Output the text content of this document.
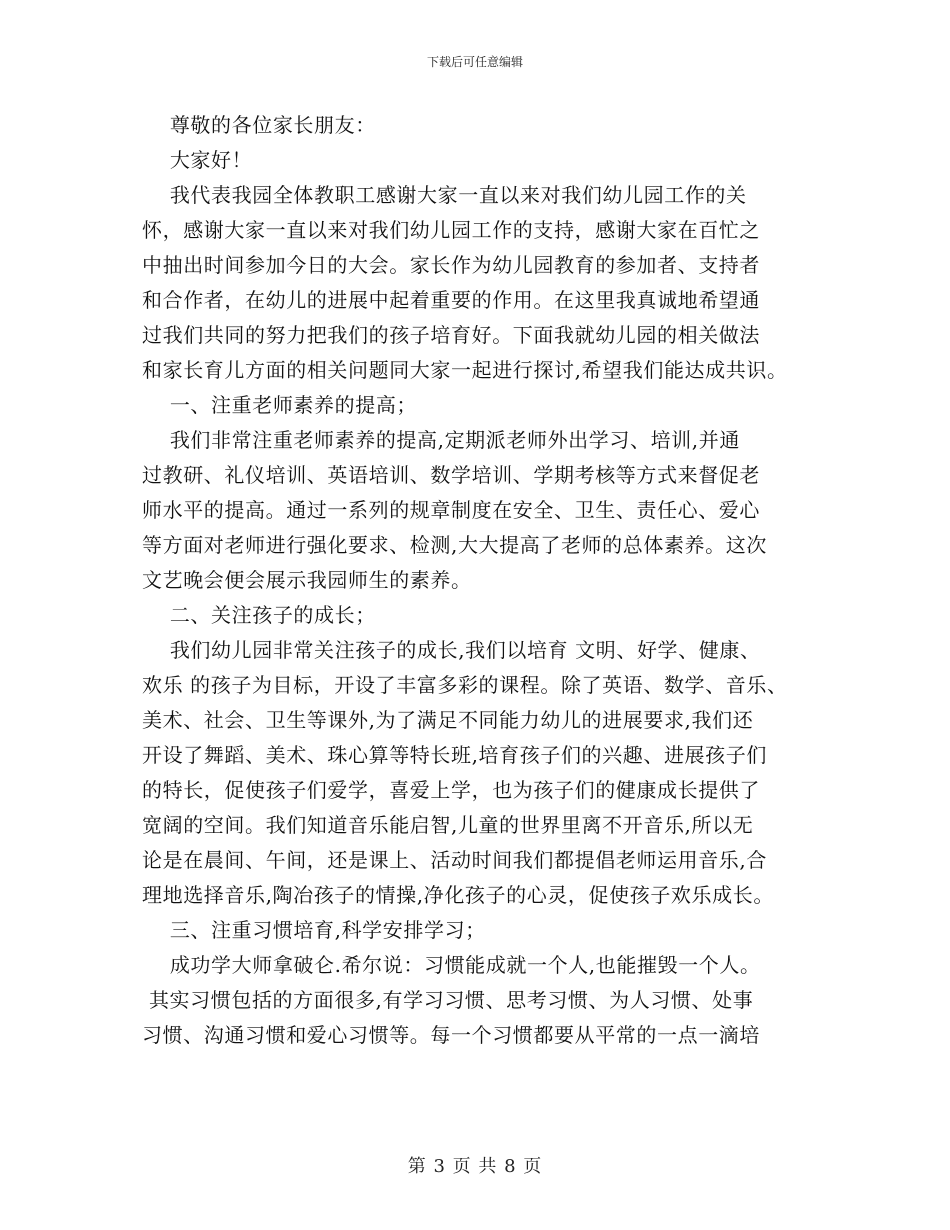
下载后可任意编辑
尊敬的各位家长朋友：
大家好！
我代表我园全体教职工感谢大家一直以来对我们幼儿园工作的关
怀，感谢大家一直以来对我们幼儿园工作的支持，感谢大家在百忙之
中抽出时间参加今日的大会。家长作为幼儿园教育的参加者、支持者
和合作者，在幼儿的进展中起着重要的作用。在这里我真诚地希望通
过我们共同的努力把我们的孩子培育好。下面我就幼儿园的相关做法
和家长育儿方面的相关问题同大家一起进行探讨,希望我们能达成共识。
一、注重老师素养的提高；
我们非常注重老师素养的提高,定期派老师外出学习、培训,并通
过教研、礼仪培训、英语培训、数学培训、学期考核等方式来督促老
师水平的提高。通过一系列的规章制度在安全、卫生、责任心、爱心
等方面对老师进行强化要求、检测,大大提高了老师的总体素养。这次
文艺晚会便会展示我园师生的素养。
二、关注孩子的成长；
我们幼儿园非常关注孩子的成长,我们以培育 文明、好学、健康、
欢乐 的孩子为目标，开设了丰富多彩的课程。除了英语、数学、音乐、
美术、社会、卫生等课外,为了满足不同能力幼儿的进展要求,我们还
开设了舞蹈、美术、珠心算等特长班,培育孩子们的兴趣、进展孩子们
的特长，促使孩子们爱学，喜爱上学，也为孩子们的健康成长提供了
宽阔的空间。我们知道音乐能启智,儿童的世界里离不开音乐,所以无
论是在晨间、午间，还是课上、活动时间我们都提倡老师运用音乐,合
理地选择音乐,陶冶孩子的情操,净化孩子的心灵，促使孩子欢乐成长。
三、注重习惯培育,科学安排学习；
成功学大师拿破仑.希尔说：习惯能成就一个人,也能摧毁一个人。
其实习惯包括的方面很多,有学习习惯、思考习惯、为人习惯、处事
习惯、沟通习惯和爱心习惯等。每一个习惯都要从平常的一点一滴培
第 3 页 共 8 页
